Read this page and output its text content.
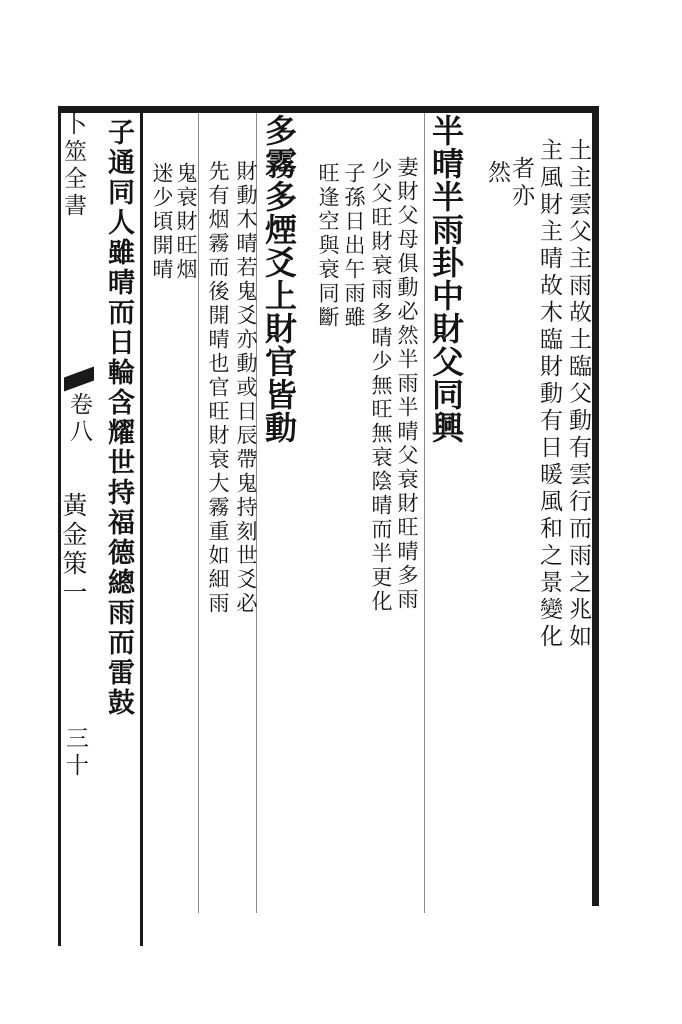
卜筮全書
卷八
黃金策一
三十
土主雲父主雨故土臨父動有雲行而雨之兆如
主風財主晴故木臨財動有日暖風和之景變化
者亦
然
半晴半雨卦中財父同興
妻財父母俱動必然半雨半晴父衰財旺晴多雨
少父旺財衰雨多晴少無旺無衰陰晴而半更化
子孫日出午雨雖
旺逢空與衰同斷
多霧多煙爻上財官皆動
財動木晴若鬼爻亦動或日辰帶鬼持刻世爻必
先有烟霧而後開晴也官旺財衰大霧重如細雨
鬼衰財旺烟
迷少頃開晴
子通同人雖晴而日輪含耀世持福德總雨而雷鼓
